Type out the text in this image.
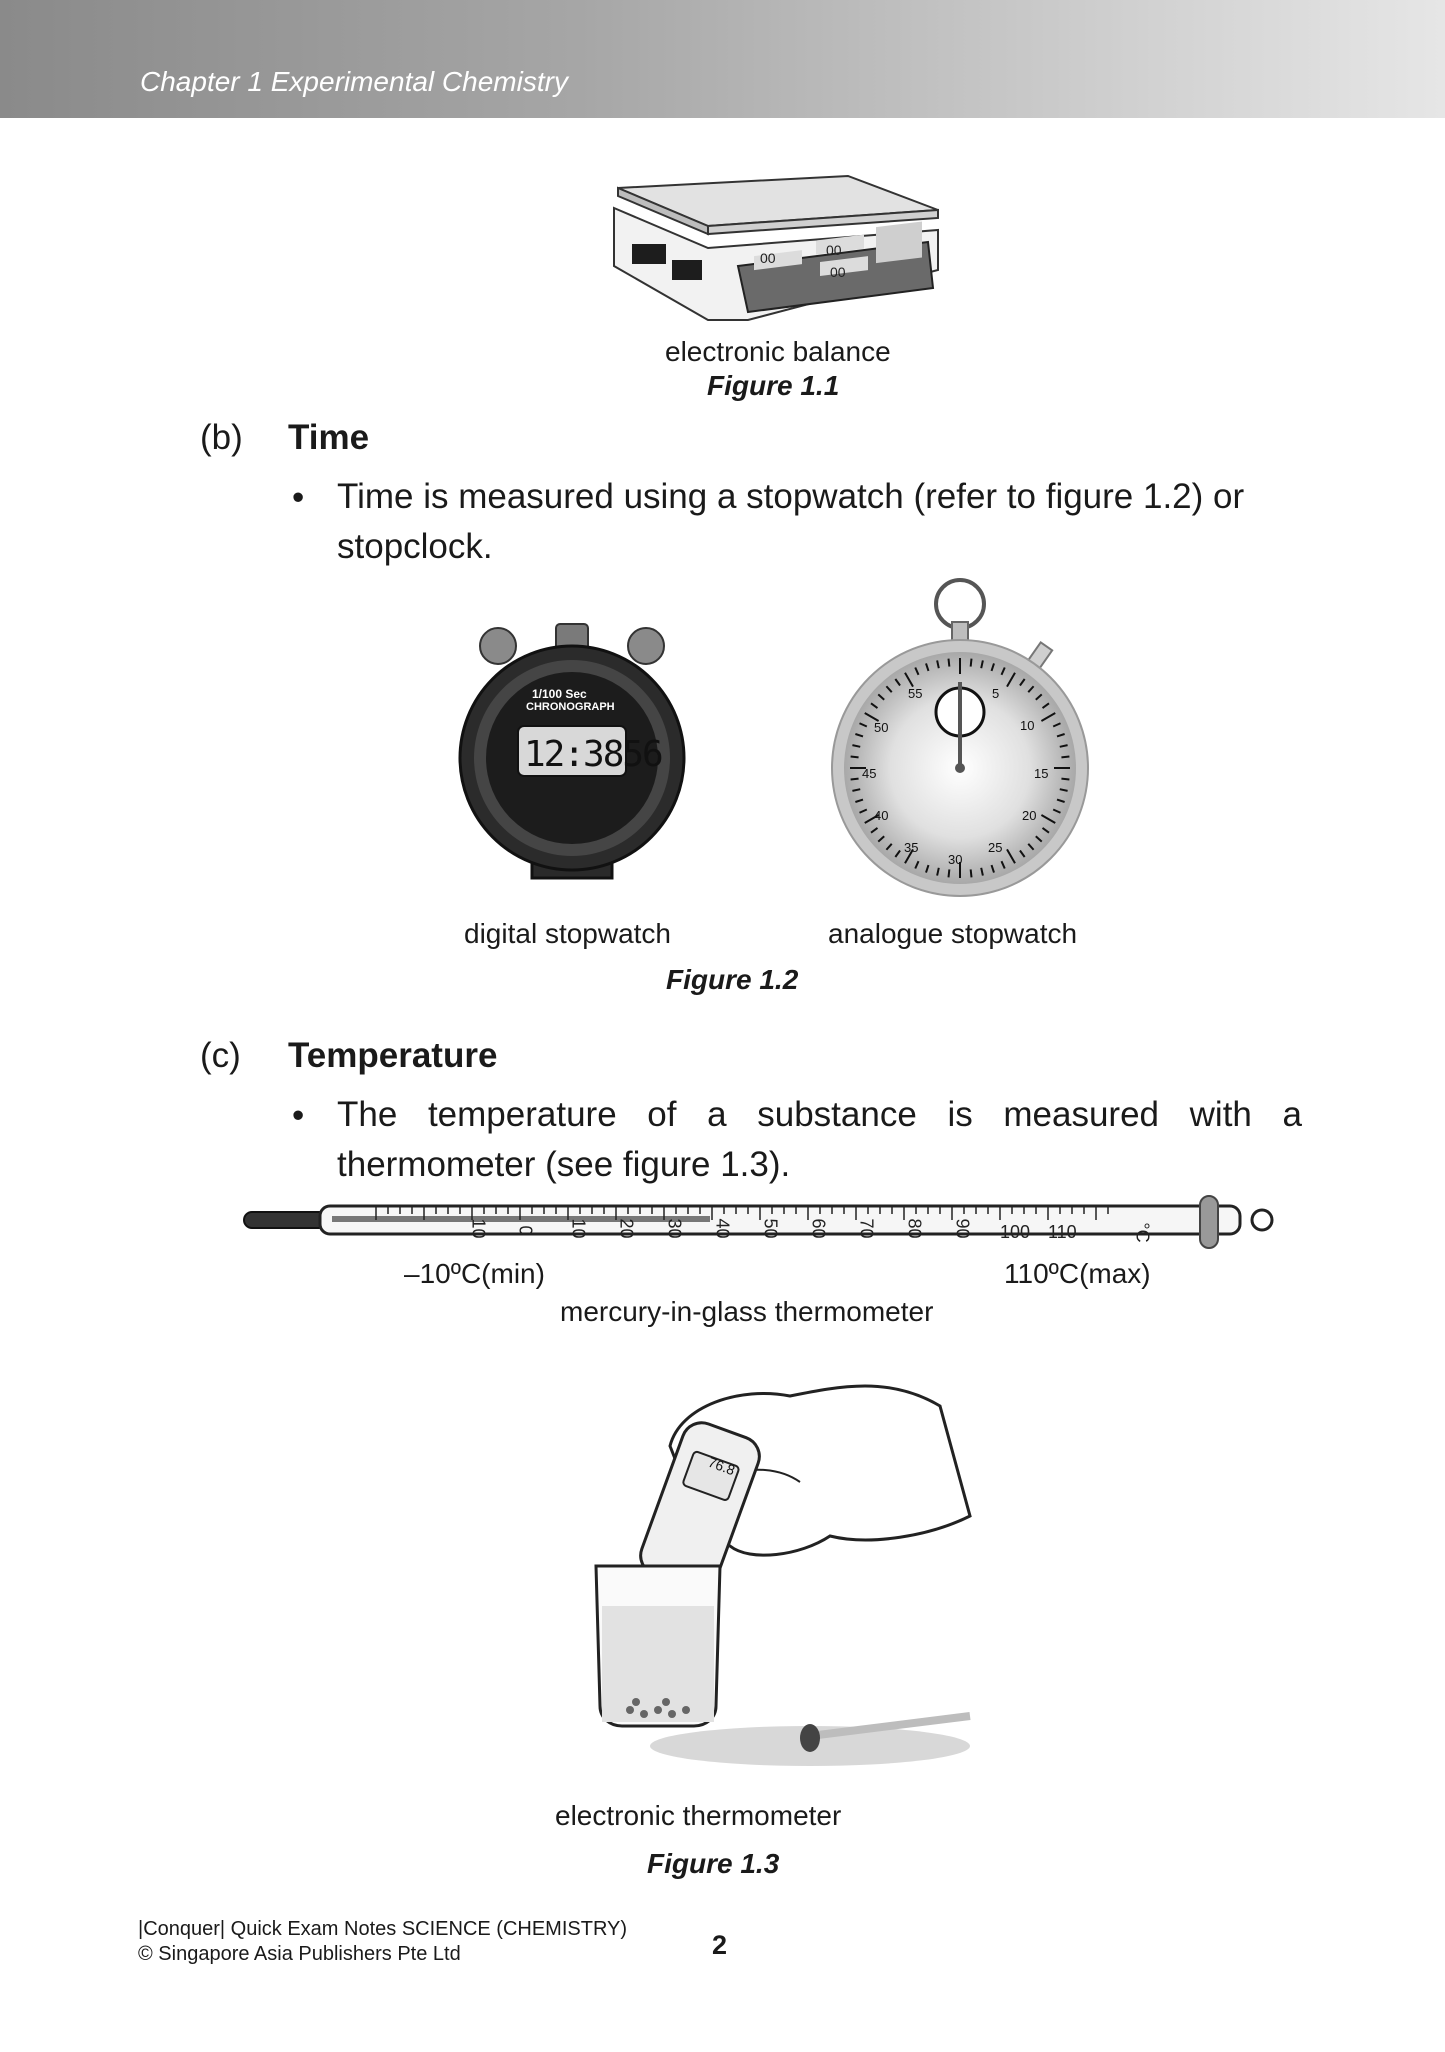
Chapter 1 Experimental Chemistry
00	00
00
electronic balance
Figure 1.1
(b) Time
• Time is measured using a stopwatch (refer to figure 1.2) or
stopclock.
1/100 Sec
CHRONOGRAPH
12:3856
55	5
10
15
20
25
30
35
40
45
50
digital stopwatch	analogue stopwatch
Figure 1.2
(c) Temperature
• The temperature of a substance is measured with a
thermometer (see figure 1.3).
10 0 10 20 30 40 50 60 70 80 90 100 110	°C
–10ºC(min)	110ºC(max)
mercury-in-glass thermometer
76.8
electronic thermometer
Figure 1.3
|Conquer| Quick Exam Notes SCIENCE (CHEMISTRY)
© Singapore Asia Publishers Pte Ltd	2
